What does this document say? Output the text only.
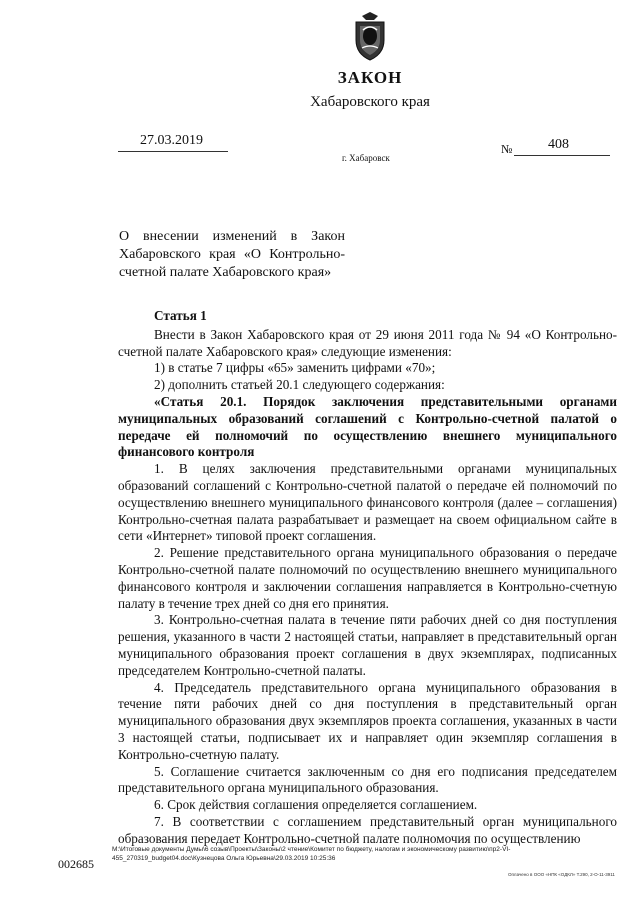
ЗАКОН
Хабаровского края
27.03.2019
г. Хабаровск
№	408
О внесении изменений в Закон
Хабаровского края «О Контрольно-
счетной палате Хабаровского края»
Статья 1

Внести в Закон Хабаровского края от 29 июня 2011 года № 94 «О Контрольно-счетной палате Хабаровского края» следующие изменения:

1) в статье 7 цифры «65» заменить цифрами «70»;

2) дополнить статьей 20.1 следующего содержания:

«Статья 20.1. Порядок заключения представительными органами муниципальных образований соглашений с Контрольно-счетной палатой о передаче ей полномочий по осуществлению внешнего муниципального финансового контроля

1. В целях заключения представительными органами муниципальных образований соглашений с Контрольно-счетной палатой о передаче ей полномочий по осуществлению внешнего муниципального финансового контроля (далее – соглашения) Контрольно-счетная палата разрабатывает и размещает на своем официальном сайте в сети «Интернет» типовой проект соглашения.

2. Решение представительного органа муниципального образования о передаче Контрольно-счетной палате полномочий по осуществлению внешнего муниципального финансового контроля и заключении соглашения направляется в Контрольно-счетную палату в течение трех дней со дня его принятия.

3. Контрольно-счетная палата в течение пяти рабочих дней со дня поступления решения, указанного в части 2 настоящей статьи, направляет в представительный орган муниципального образования проект соглашения в двух экземплярах, подписанных председателем Контрольно-счетной палаты.

4. Председатель представительного органа муниципального образования в течение пяти рабочих дней со дня поступления в представительный орган муниципального образования двух экземпляров проекта соглашения, указанных в части 3 настоящей статьи, подписывает их и направляет один экземпляр соглашения в Контрольно-счетную палату.

5. Соглашение считается заключенным со дня его подписания председателем представительного органа муниципального образования.

6. Срок действия соглашения определяется соглашением.

7. В соответствии с соглашением представительный орган муниципального образования передает Контрольно-счетной палате полномочия по осуществлению

М:\Итоговые документы Думы\6 созыв\Проекты\Законы\2 чтение\Комитет по бюджету, налогам и экономическому развитию\пр2-VI-455_270319_budget04.doc\Кузнецова Ольга Юрьевна\29.03.2019 10:25:36
002685
Оплачено в ООО «НПК «ОДКЛ» Т.290, 2-О-11-3911
